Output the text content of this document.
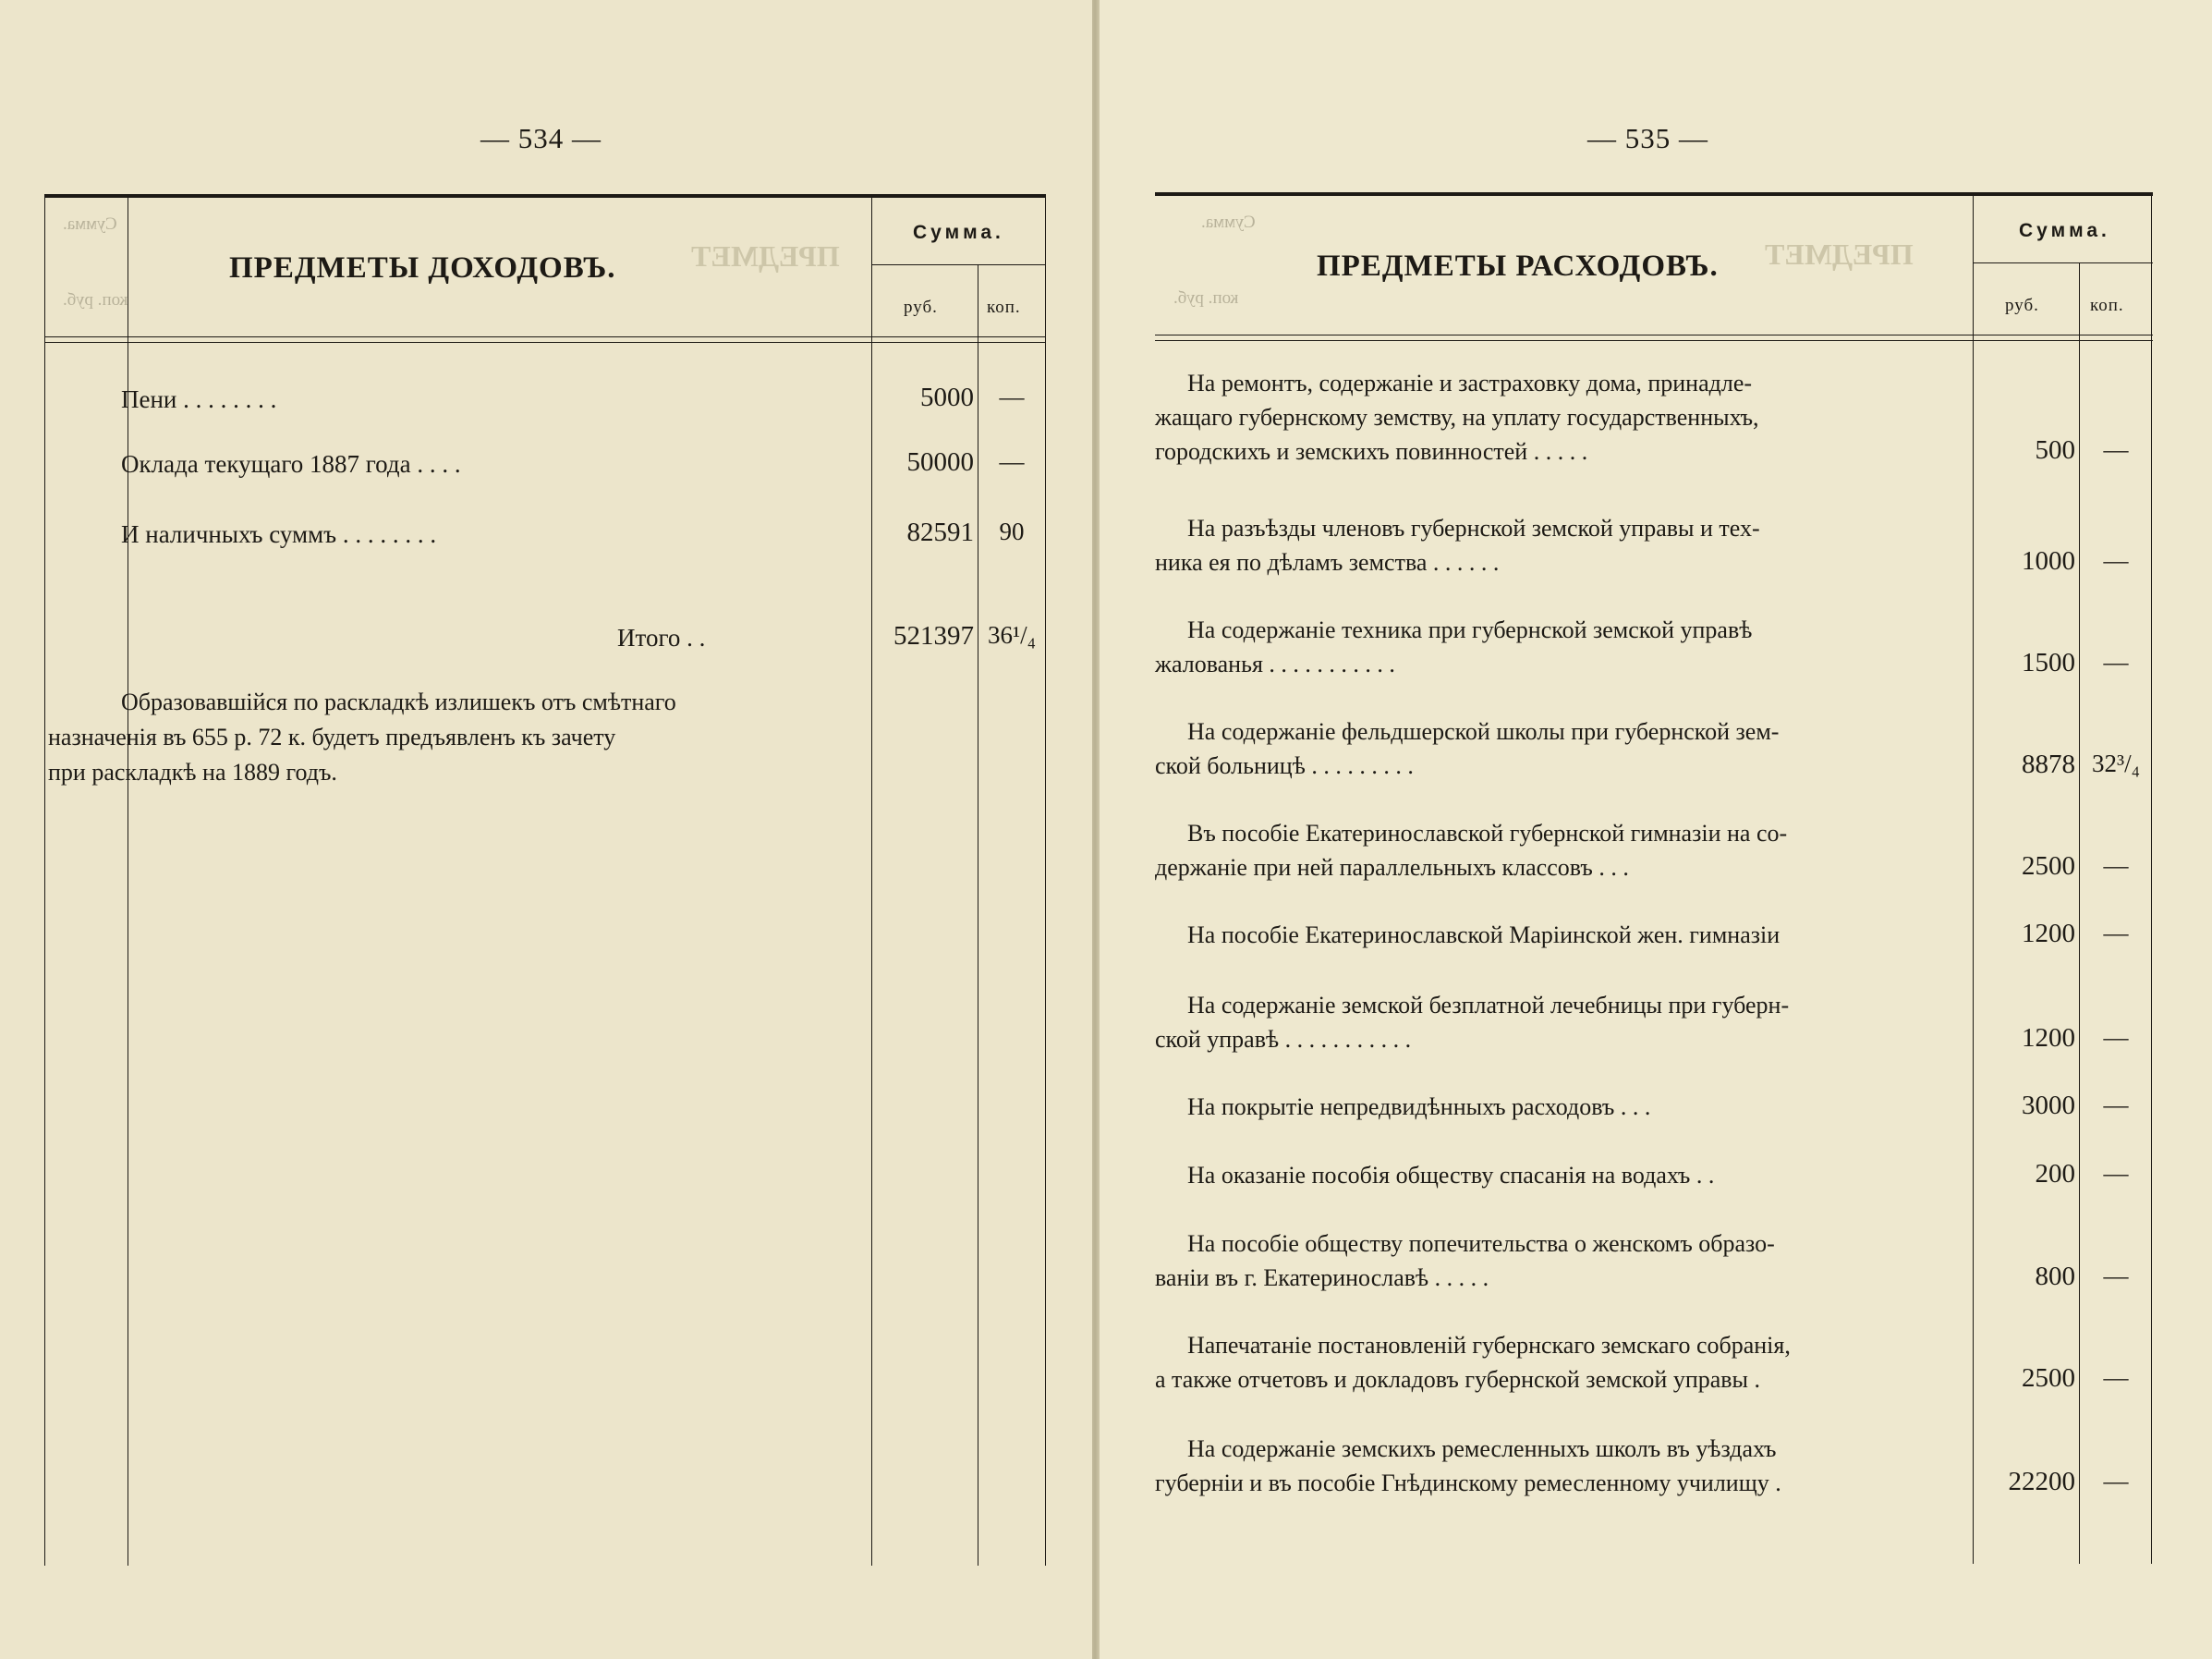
— 534 —
Сумма.
коп. руб.
ПРЕДМЕТ
ПРЕДМЕТЫ ДОХОДОВЪ.
Сумма.
руб.	коп.
Пени . . . . . . . .	5000	—
Оклада текущаго 1887 года . . . .	50000	—
И наличныхъ суммъ . . . . . . . .	82591	90
Итого . .	521397 36¹/₄
Образовавшійся по раскладкѣ излишекъ отъ смѣтнаго
назначенія въ 655 р. 72 к. будетъ предъявленъ къ зачету
при раскладкѣ на 1889 годъ.
— 535 —
Сумма.
коп. руб.
ПРЕДМЕТ
ПРЕДМЕТЫ РАСХОДОВЪ.
Сумма.
руб.	коп.
На ремонтъ, содержаніе и застраховку дома, принадле-
жащаго губернскому земству, на уплату государственныхъ,
городскихъ и земскихъ повинностей . . . . .	500	—
На разъѣзды членовъ губернской земской управы и тех-
ника ея по дѣламъ земства . . . . . .	1000	—
На содержаніе техника при губернской земской управѣ
жалованья . . . . . . . . . . .	1500	—
На содержаніе фельдшерской школы при губернской зем-
ской больницѣ . . . . . . . . .	8878 32³/₄
Въ пособіе Екатеринославской губернской гимназіи на со-
держаніе при ней параллельныхъ классовъ . . .	2500	—
На пособіе Екатеринославской Маріинской жен. гимназіи	1200	—
На содержаніе земской безплатной лечебницы при губерн-
ской управѣ . . . . . . . . . . .	1200	—
На покрытіе непредвидѣнныхъ расходовъ . . .	3000	—
На оказаніе пособія обществу спасанія на водахъ . .	200	—
На пособіе обществу попечительства о женскомъ образо-
ваніи въ г. Екатеринославѣ . . . . .	800	—
Напечатаніе постановленій губернскаго земскаго собранія,
а также отчетовъ и докладовъ губернской земской управы .	2500	—
На содержаніе земскихъ ремесленныхъ школъ въ уѣздахъ
губерніи и въ пособіе Гнѣдинскому ремесленному училищу .	22200	—
